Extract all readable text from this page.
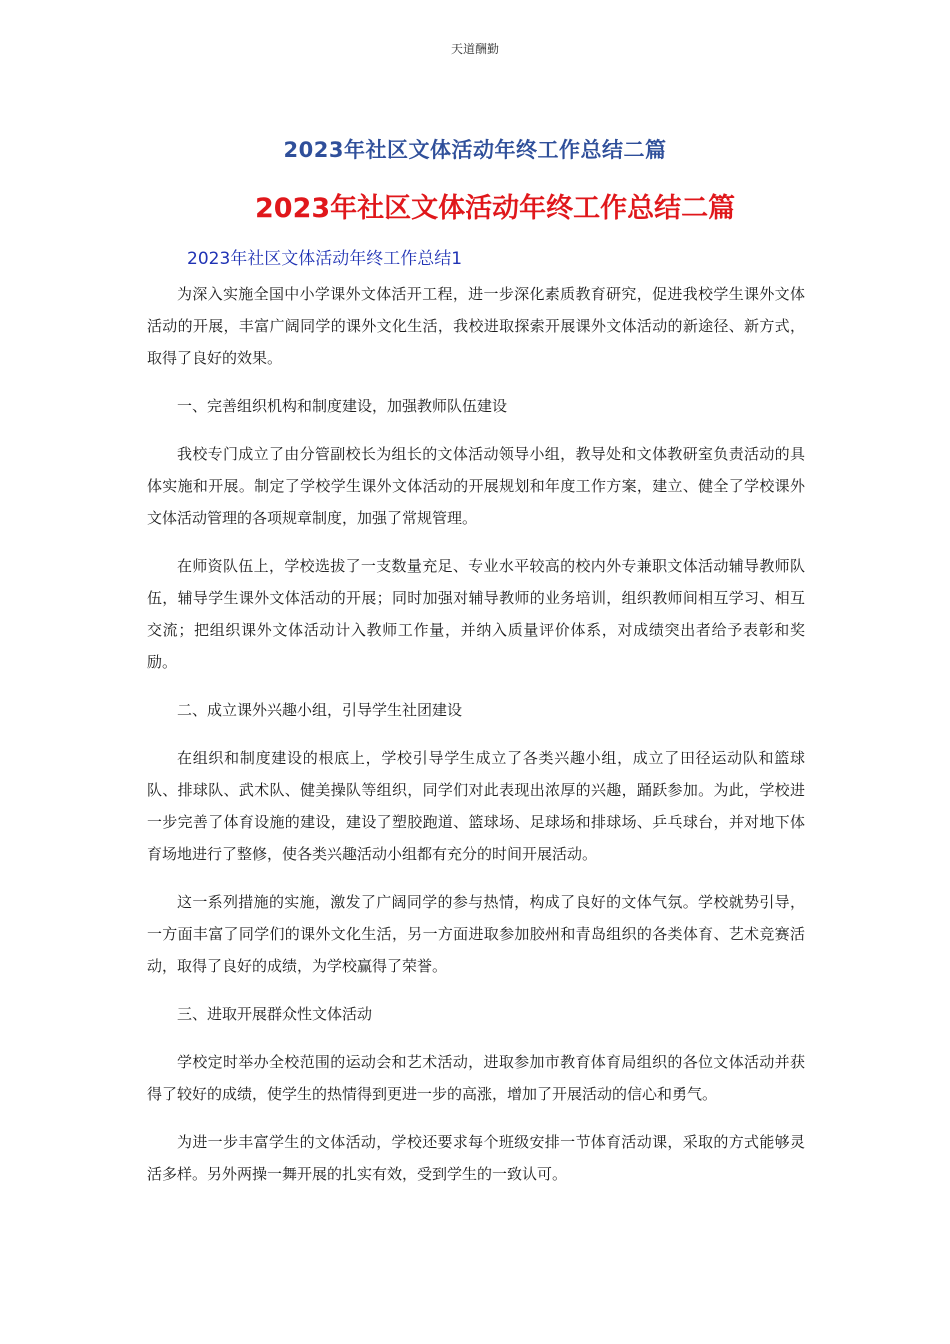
天道酬勤
2023年社区文体活动年终工作总结二篇
2023年社区文体活动年终工作总结二篇
2023年社区文体活动年终工作总结1

为深入实施全国中小学课外文体活开工程，进一步深化素质教育研究，促进我校学生课外文体活动的开展，丰富广阔同学的课外文化生活，我校进取探索开展课外文体活动的新途径、新方式，取得了良好的效果。

一、完善组织机构和制度建设，加强教师队伍建设

我校专门成立了由分管副校长为组长的文体活动领导小组，教导处和文体教研室负责活动的具体实施和开展。制定了学校学生课外文体活动的开展规划和年度工作方案，建立、健全了学校课外文体活动管理的各项规章制度，加强了常规管理。

在师资队伍上，学校选拔了一支数量充足、专业水平较高的校内外专兼职文体活动辅导教师队伍，辅导学生课外文体活动的开展；同时加强对辅导教师的业务培训，组织教师间相互学习、相互交流；把组织课外文体活动计入教师工作量，并纳入质量评价体系，对成绩突出者给予表彰和奖励。

二、成立课外兴趣小组，引导学生社团建设

在组织和制度建设的根底上，学校引导学生成立了各类兴趣小组，成立了田径运动队和篮球队、排球队、武术队、健美操队等组织，同学们对此表现出浓厚的兴趣，踊跃参加。为此，学校进一步完善了体育设施的建设，建设了塑胶跑道、篮球场、足球场和排球场、乒乓球台，并对地下体育场地进行了整修，使各类兴趣活动小组都有充分的时间开展活动。

这一系列措施的实施，激发了广阔同学的参与热情，构成了良好的文体气氛。学校就势引导，一方面丰富了同学们的课外文化生活，另一方面进取参加胶州和青岛组织的各类体育、艺术竞赛活动，取得了良好的成绩，为学校赢得了荣誉。

三、进取开展群众性文体活动

学校定时举办全校范围的运动会和艺术活动，进取参加市教育体育局组织的各位文体活动并获得了较好的成绩，使学生的热情得到更进一步的高涨，增加了开展活动的信心和勇气。

为进一步丰富学生的文体活动，学校还要求每个班级安排一节体育活动课，采取的方式能够灵活多样。另外两操一舞开展的扎实有效，受到学生的一致认可。
